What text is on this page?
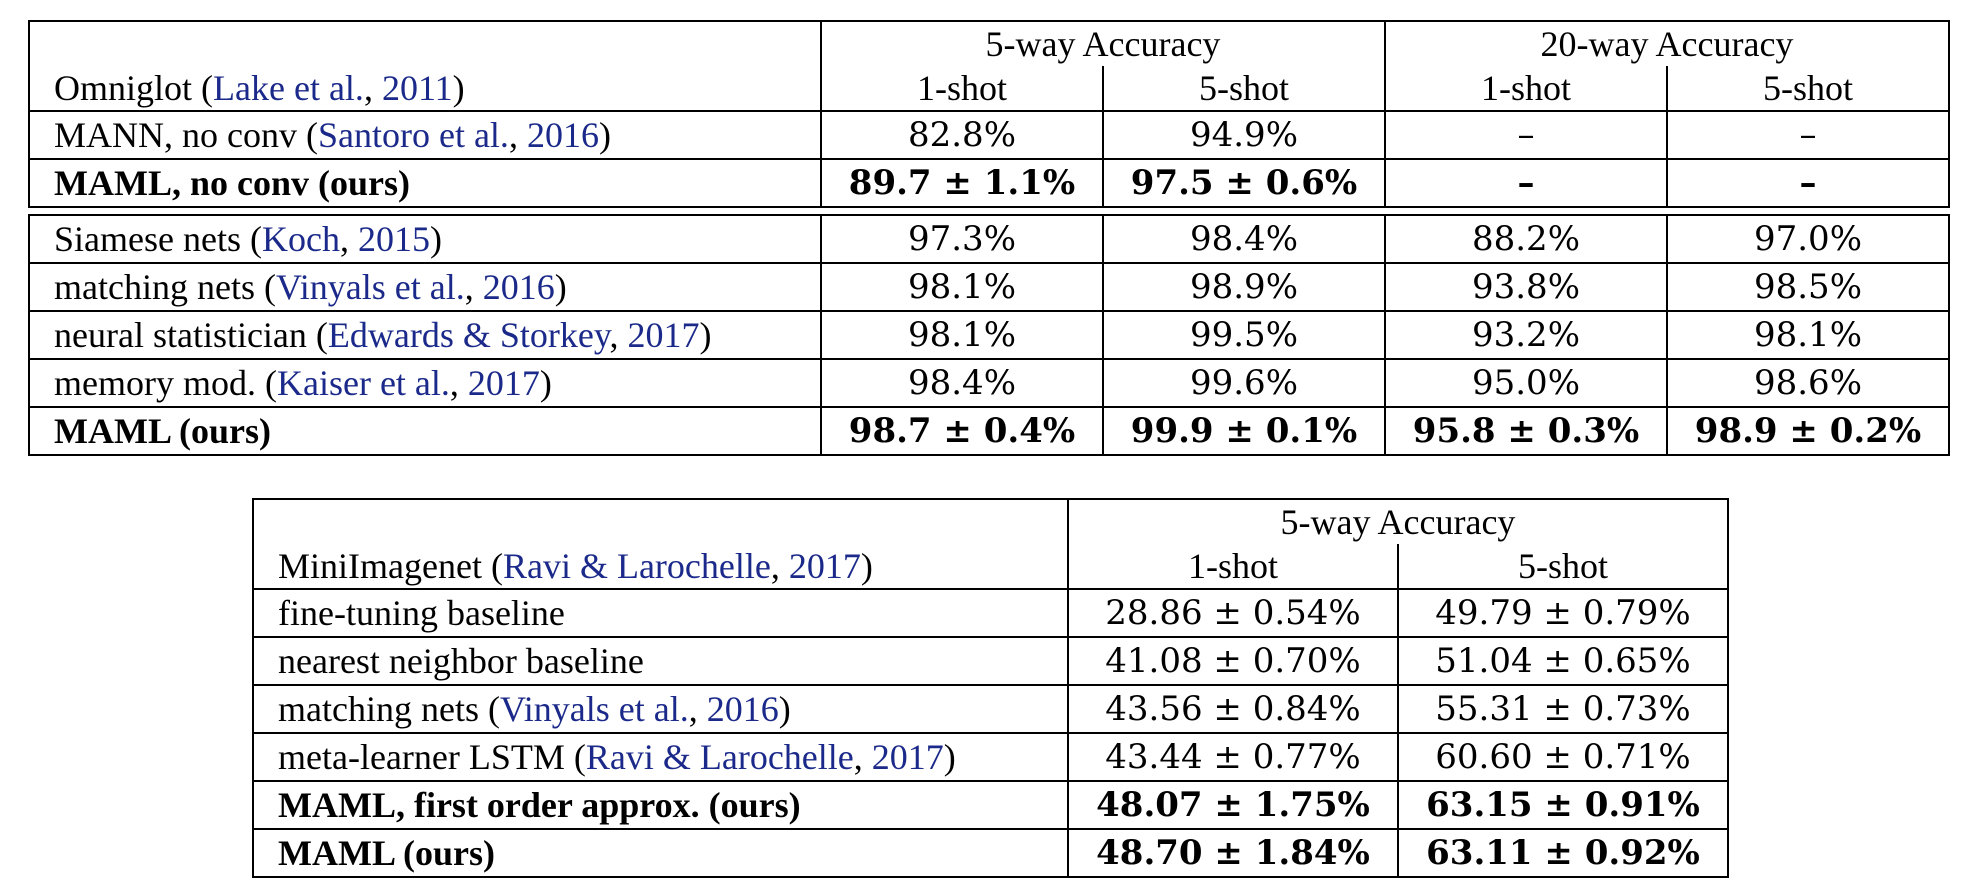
	5-way Accuracy		20-way Accuracy	
Omniglot (Lake et al., 2011)	1-shot	5-shot	1-shot	5-shot
MANN, no conv (Santoro et al., 2016)	82.8%	94.9%	–	–
MAML, no conv (ours)	89.7 ± 1.1%	97.5 ± 0.6%	–	–

Siamese nets (Koch, 2015)	97.3%	98.4%	88.2%	97.0%
matching nets (Vinyals et al., 2016)	98.1%	98.9%	93.8%	98.5%
neural statistician (Edwards & Storkey, 2017)	98.1%	99.5%	93.2%	98.1%
memory mod. (Kaiser et al., 2017)	98.4%	99.6%	95.0%	98.6%
MAML (ours)	98.7 ± 0.4%	99.9 ± 0.1%	95.8 ± 0.3%	98.9 ± 0.2%
	5-way Accuracy	
MiniImagenet (Ravi & Larochelle, 2017)	1-shot	5-shot
fine-tuning baseline	28.86 ± 0.54%	49.79 ± 0.79%
nearest neighbor baseline	41.08 ± 0.70%	51.04 ± 0.65%
matching nets (Vinyals et al., 2016)	43.56 ± 0.84%	55.31 ± 0.73%
meta-learner LSTM (Ravi & Larochelle, 2017)	43.44 ± 0.77%	60.60 ± 0.71%
MAML, first order approx. (ours)	48.07 ± 1.75%	63.15 ± 0.91%
MAML (ours)	48.70 ± 1.84%	63.11 ± 0.92%
